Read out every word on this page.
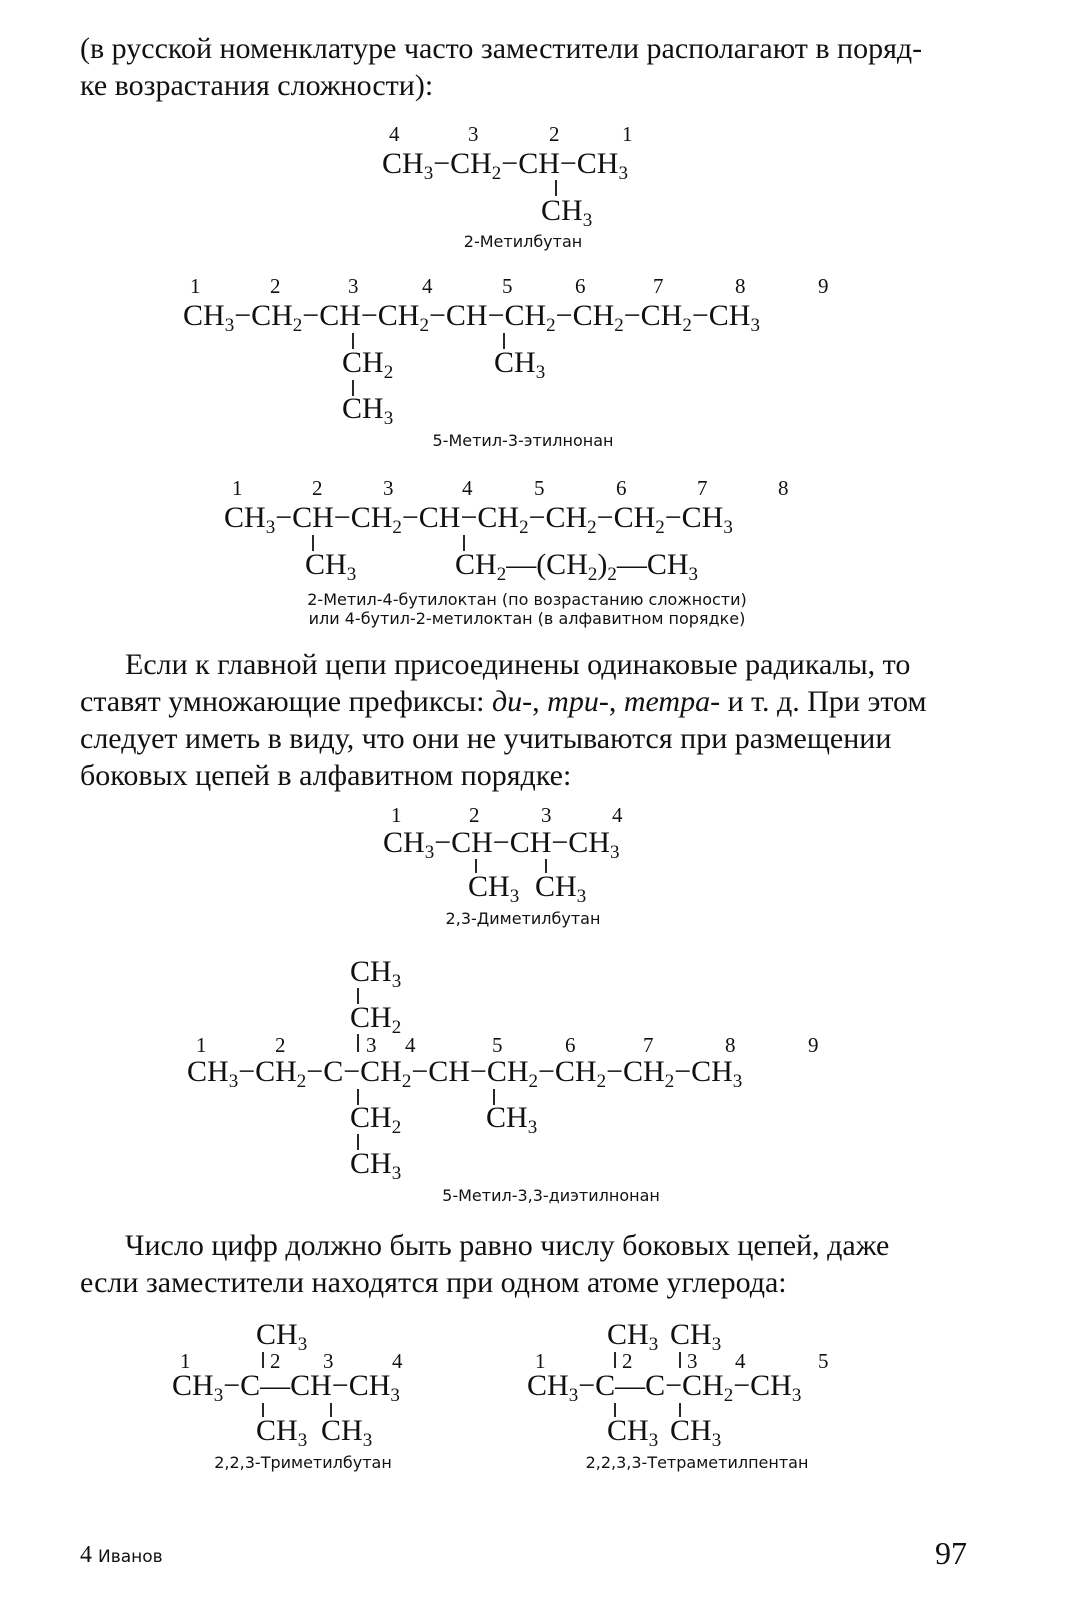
(в русской номенклатуре часто заместители располагают в поряд-
ке возрастания сложности):
4	3	2	1
$CH_3-CH_2-CH-CH_3$
$CH_3$
2-Метилбутан
1	2	3	4	5	6	7	8	9
$CH_3-CH_2-CH-CH_2-CH-CH_2-CH_2-CH_2-CH_3$
$CH_2$	$CH_3$
$CH_3$
5-Метил-3-этилнонан
1	2	3	4	5	6	7	8
$CH_3-CH-CH_2-CH-CH_2-CH_2-CH_2-CH_3$
$CH_3$	$CH_2—(CH_2)_2—CH_3$
2-Метил-4-бутилоктан (по возрастанию сложности)
или 4-бутил-2-метилоктан (в алфавитном порядке)
1	2	3	4
$CH_3-CH-CH-CH_3$
$CH_3$ $CH_3$
2,3-Диметилбутан
$CH_3$
$CH_2$
1	2	3 4	5	6	7	8	9
$CH_3-CH_2-C-CH_2-CH-CH_2-CH_2-CH_2-CH_3$
$CH_2$	$CH_3$
$CH_3$
5-Метил-3,3-диэтилнонан
$CH_3$
1	2 3	4
$CH_3-C—CH-CH_3$
$CH_3$ $CH_3$
2,2,3-Триметилбутан
$CH_3$ $CH_3$
1	2	3 4	5
$CH_3-C—C-CH_2-CH_3$
$CH_3$ $CH_3$
2,2,3,3-Тетраметилпентан
Если к главной цепи присоединены одинаковые радикалы, то
ставят умножающие префиксы: ди-, три-, тетра- и т. д. При этом
следует иметь в виду, что они не учитываются при размещении
боковых цепей в алфавитном порядке:
Число цифр должно быть равно числу боковых цепей, даже
если заместители находятся при одном атоме углерода:
4 Иванов	97
